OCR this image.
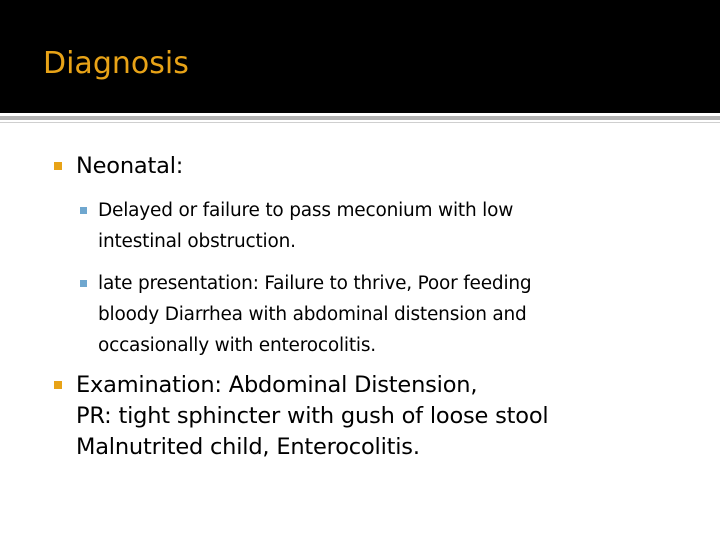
Diagnosis
Neonatal:
Delayed or failure to pass meconium with low
intestinal obstruction.
late presentation: Failure to thrive, Poor feeding
bloody Diarrhea with abdominal distension and
occasionally with enterocolitis.
Examination: Abdominal Distension,
PR: tight sphincter with gush of loose stool
Malnutrited child, Enterocolitis.
